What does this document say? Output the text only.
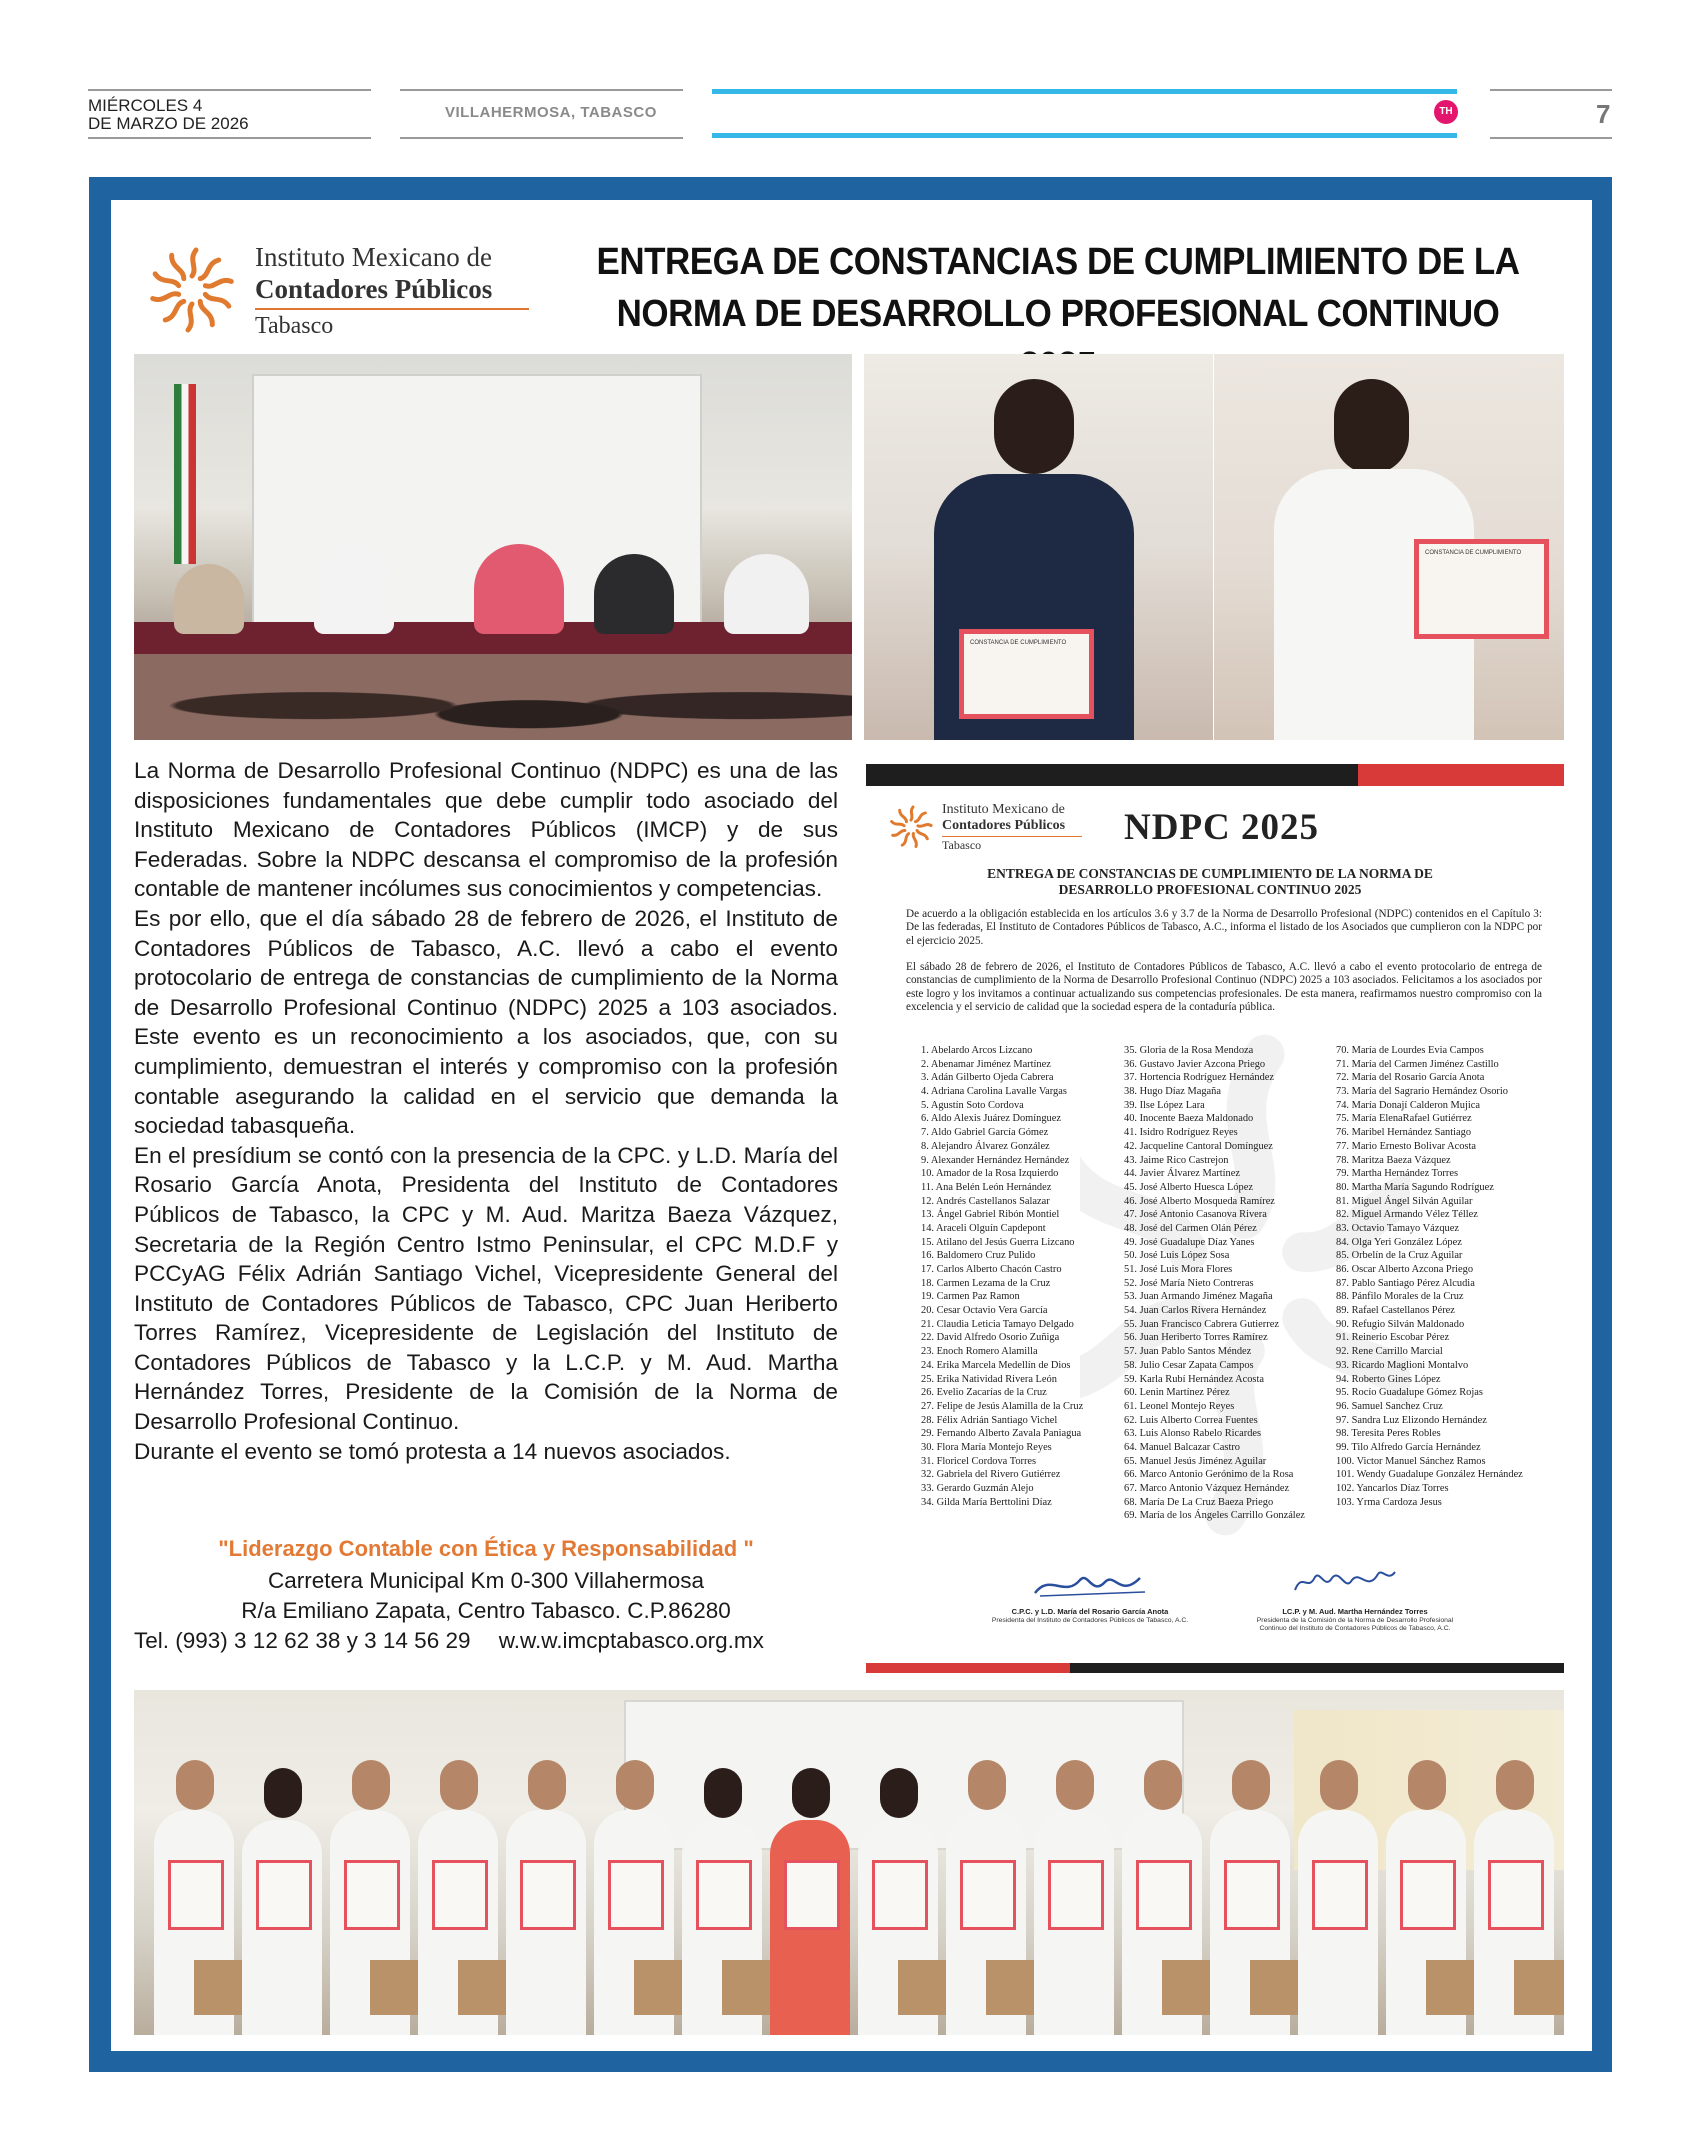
MIÉRCOLES 4
DE MARZO DE 2026
VILLAHERMOSA, TABASCO	TH	7
Instituto Mexicano de
Contadores Públicos
Tabasco
ENTREGA DE CONSTANCIAS DE CUMPLIMIENTO DE LA
NORMA DE DESARROLLO PROFESIONAL CONTINUO
CONSTANCIA DE CUMPLIMIENTO
CONSTANCIA DE CUMPLIMIENTO

La Norma de Desarrollo Profesional Continuo (NDPC) es una de las disposiciones fundamentales que debe cumplir todo asociado del Instituto Mexicano de Contadores Públicos (IMCP) y de sus Federadas. Sobre la NDPC descansa el compromiso de la profesión contable de mantener incólumes sus conocimientos y competencias.

Es por ello, que el día sábado 28 de febrero de 2026, el Instituto de Contadores Públicos de Tabasco, A.C. llevó a cabo el evento protocolario de entrega de constancias de cumplimiento de la Norma de Desarrollo Profesional Continuo (NDPC) 2025 a 103 asociados. Este evento es un reconocimiento a los asociados, que, con su cumplimiento, demuestran el interés y compromiso con la profesión contable asegurando la calidad en el servicio que demanda la sociedad tabasqueña.

En el presídium se contó con la presencia de la CPC. y L.D. María del Rosario García Anota, Presidenta del Instituto de Contadores Públicos de Tabasco, la CPC y M. Aud. Maritza Baeza Vázquez, Secretaria de la Región Centro Istmo Peninsular, el CPC M.D.F y PCCyAG Félix Adrián Santiago Vichel, Vicepresidente General del Instituto de Contadores Públicos de Tabasco, CPC Juan Heriberto Torres Ramírez, Vicepresidente de Legislación del Instituto de Contadores Públicos de Tabasco y la L.C.P. y M. Aud. Martha Hernández Torres, Presidente de la Comisión de la Norma de Desarrollo Profesional Continuo.

Durante el evento se tomó protesta a 14 nuevos asociados.

"Liderazgo Contable con Ética y Responsabilidad "
Carretera Municipal Km 0-300 Villahermosa
R/a Emiliano Zapata, Centro Tabasco. C.P.86280
Tel. (993) 3 12 62 38 y 3 14 56 29 w.w.w.imcptabasco.org.mx
Instituto Mexicano de
Contadores Públicos
Tabasco	NDPC 2025
ENTREGA DE CONSTANCIAS DE CUMPLIMIENTO DE LA NORMA DE
DESARROLLO PROFESIONAL CONTINUO 2025
De acuerdo a la obligación establecida en los artículos 3.6 y 3.7 de la Norma de Desarrollo Profesional (NDPC) contenidos en el Capítulo 3: De las federadas, El Instituto de Contadores Públicos de Tabasco, A.C., informa el listado de los Asociados que cumplieron con la NDPC por el ejercicio 2025.
El sábado 28 de febrero de 2026, el Instituto de Contadores Públicos de Tabasco, A.C. llevó a cabo el evento protocolario de entrega de constancias de cumplimiento de la Norma de Desarrollo Profesional Continuo (NDPC) 2025 a 103 asociados. Felicitamos a los asociados por este logro y los invitamos a continuar actualizando sus competencias profesionales. De esta manera, reafirmamos nuestro compromiso con la excelencia y el servicio de calidad que la sociedad espera de la contaduría pública.
1. Abelardo Arcos Lizcano
2. Abenamar Jiménez Martínez
3. Adán Gilberto Ojeda Cabrera
4. Adriana Carolina Lavalle Vargas
5. Agustín Soto Cordova
6. Aldo Alexis Juárez Domínguez
7. Aldo Gabriel García Gómez
8. Alejandro Álvarez González
9. Alexander Hernández Hernández
10. Amador de la Rosa Izquierdo
11. Ana Belén León Hernández
12. Andrés Castellanos Salazar
13. Ángel Gabriel Ribón Montiel
14. Araceli Olguín Capdepont
15. Atilano del Jesús Guerra Lizcano
16. Baldomero Cruz Pulido
17. Carlos Alberto Chacón Castro
18. Carmen Lezama de la Cruz
19. Carmen Paz Ramon
20. Cesar Octavio Vera García
21. Claudia Leticia Tamayo Delgado
22. David Alfredo Osorio Zuñiga
23. Enoch Romero Alamilla
24. Erika Marcela Medellín de Dios
25. Erika Natividad Rivera León
26. Evelio Zacarías de la Cruz
27. Felipe de Jesús Alamilla de la Cruz
28. Félix Adrián Santiago Vichel
29. Fernando Alberto Zavala Paniagua
30. Flora María Montejo Reyes
31. Floricel Cordova Torres
32. Gabriela del Rivero Gutiérrez
33. Gerardo Guzmán Alejo
34. Gilda María Berttolini Díaz
35. Gloria de la Rosa Mendoza
36. Gustavo Javier Azcona Priego
37. Hortencia Rodríguez Hernández
38. Hugo Díaz Magaña
39. Ilse López Lara
40. Inocente Baeza Maldonado
41. Isidro Rodríguez Reyes
42. Jacqueline Cantoral Domínguez
43. Jaime Rico Castrejon
44. Javier Álvarez Martínez
45. José Alberto Huesca López
46. José Alberto Mosqueda Ramírez
47. José Antonio Casanova Rivera
48. José del Carmen Olán Pérez
49. José Guadalupe Díaz Yanes
50. José Luis López Sosa
51. José Luis Mora Flores
52. José María Nieto Contreras
53. Juan Armando Jiménez Magaña
54. Juan Carlos Rivera Hernández
55. Juan Francisco Cabrera Gutierrez
56. Juan Heriberto Torres Ramírez
57. Juan Pablo Santos Méndez
58. Julio Cesar Zapata Campos
59. Karla Rubí Hernández Acosta
60. Lenin Martínez Pérez
61. Leonel Montejo Reyes
62. Luis Alberto Correa Fuentes
63. Luis Alonso Rabelo Ricardes
64. Manuel Balcazar Castro
65. Manuel Jesús Jiménez Aguilar
66. Marco Antonio Gerónimo de la Rosa
67. Marco Antonio Vázquez Hernández
68. María De La Cruz Baeza Priego
69. María de los Ángeles Carrillo González
70. María de Lourdes Evia Campos
71. María del Carmen Jiménez Castillo
72. María del Rosario García Anota
73. María del Sagrario Hernández Osorio
74. María Donají Calderon Mujica
75. María ElenaRafael Gutiérrez
76. Maribel Hernández Santiago
77. Mario Ernesto Bolivar Acosta
78. Maritza Baeza Vázquez
79. Martha Hernández Torres
80. Martha María Sagundo Rodríguez
81. Miguel Ángel Silván Aguilar
82. Miguel Armando Vélez Téllez
83. Octavio Tamayo Vázquez
84. Olga Yeri González López
85. Orbelín de la Cruz Aguilar
86. Oscar Alberto Azcona Priego
87. Pablo Santiago Pérez Alcudia
88. Pánfilo Morales de la Cruz
89. Rafael Castellanos Pérez
90. Refugio Silván Maldonado
91. Reinerio Escobar Pérez
92. Rene Carrillo Marcial
93. Ricardo Maglioni Montalvo
94. Roberto Gines López
95. Rocío Guadalupe Gómez Rojas
96. Samuel Sanchez Cruz
97. Sandra Luz Elizondo Hernández
98. Teresita Peres Robles
99. Tilo Alfredo García Hernández
100. Victor Manuel Sánchez Ramos
101. Wendy Guadalupe González Hernández
102. Yancarlos Díaz Torres
103. Yrma Cardoza Jesus
C.P.C. y L.D. María del Rosario García Anota
Presidenta del Instituto de Contadores Públicos de Tabasco, A.C.
LC.P. y M. Aud. Martha Hernández Torres
Presidenta de la Comisión de la Norma de Desarrollo Profesional
Continuo del Instituto de Contadores Públicos de Tabasco, A.C.
